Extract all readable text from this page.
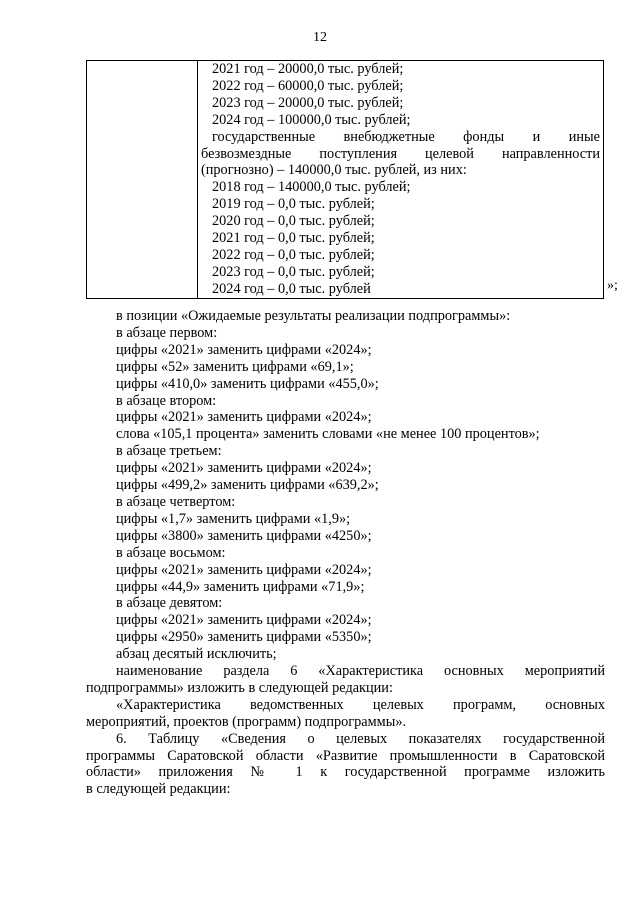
12

2021 год – 20000,0 тыс. рублей;
2022 год – 60000,0 тыс. рублей;
2023 год – 20000,0 тыс. рублей;
2024 год – 100000,0 тыс. рублей;
государственные внебюджетные фонды и иные
безвозмездные поступления целевой направленности
(прогнозно) – 140000,0 тыс. рублей, из них:
2018 год – 140000,0 тыс. рублей;
2019 год – 0,0 тыс. рублей;
2020 год – 0,0 тыс. рублей;
2021 год – 0,0 тыс. рублей;
2022 год – 0,0 тыс. рублей;
2023 год – 0,0 тыс. рублей;
2024 год – 0,0 тыс. рублей	»;
в позиции «Ожидаемые результаты реализации подпрограммы»:
в абзаце первом:
цифры «2021» заменить цифрами «2024»;
цифры «52» заменить цифрами «69,1»;
цифры «410,0» заменить цифрами «455,0»;
в абзаце втором:
цифры «2021» заменить цифрами «2024»;
слова «105,1 процента» заменить словами «не менее 100 процентов»;
в абзаце третьем:
цифры «2021» заменить цифрами «2024»;
цифры «499,2» заменить цифрами «639,2»;
в абзаце четвертом:
цифры «1,7» заменить цифрами «1,9»;
цифры «3800» заменить цифрами «4250»;
в абзаце восьмом:
цифры «2021» заменить цифрами «2024»;
цифры «44,9» заменить цифрами «71,9»;
в абзаце девятом:
цифры «2021» заменить цифрами «2024»;
цифры «2950» заменить цифрами «5350»;
абзац десятый исключить;
наименование раздела 6 «Характеристика основных мероприятий
подпрограммы» изложить в следующей редакции:
«Характеристика ведомственных целевых программ, основных
мероприятий, проектов (программ) подпрограммы».
6. Таблицу «Сведения о целевых показателях государственной
программы Саратовской области «Развитие промышленности в Саратовской
области» приложения № 1 к государственной программе изложить
в следующей редакции:
